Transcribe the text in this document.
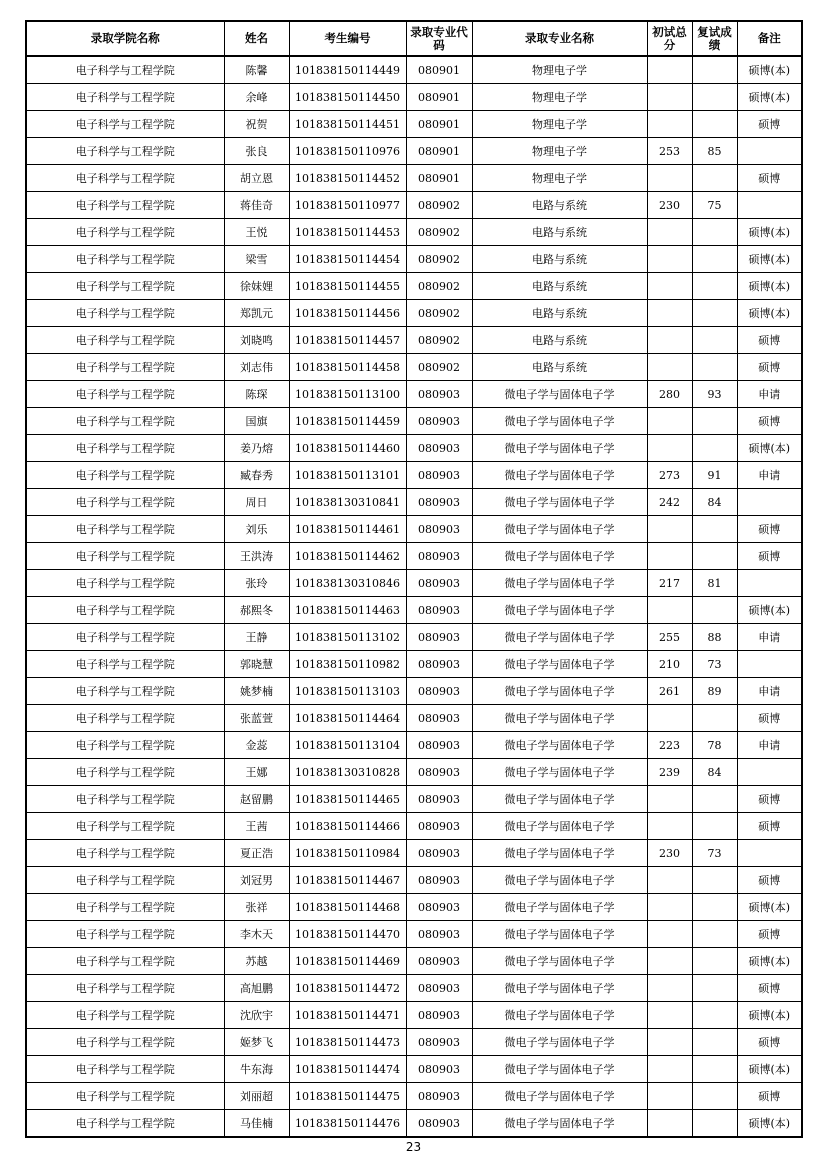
录取学院名称	姓名	考生编号	录取专业代码	录取专业名称	初试总分	复试成绩	备注
电子科学与工程学院	陈馨	101838150114449	080901	物理电子学			硕博(本)
电子科学与工程学院	余峰	101838150114450	080901	物理电子学			硕博(本)
电子科学与工程学院	祝贺	101838150114451	080901	物理电子学			硕博
电子科学与工程学院	张良	101838150110976	080901	物理电子学	253	85	
电子科学与工程学院	胡立恩	101838150114452	080901	物理电子学			硕博
电子科学与工程学院	蒋佳奇	101838150110977	080902	电路与系统	230	75	
电子科学与工程学院	王悦	101838150114453	080902	电路与系统			硕博(本)
电子科学与工程学院	梁雪	101838150114454	080902	电路与系统			硕博(本)
电子科学与工程学院	徐妹娌	101838150114455	080902	电路与系统			硕博(本)
电子科学与工程学院	郑凯元	101838150114456	080902	电路与系统			硕博(本)
电子科学与工程学院	刘晓鸣	101838150114457	080902	电路与系统			硕博
电子科学与工程学院	刘志伟	101838150114458	080902	电路与系统			硕博
电子科学与工程学院	陈琛	101838150113100	080903	微电子学与固体电子学	280	93	申请
电子科学与工程学院	国旗	101838150114459	080903	微电子学与固体电子学			硕博
电子科学与工程学院	姜乃熔	101838150114460	080903	微电子学与固体电子学			硕博(本)
电子科学与工程学院	臧春秀	101838150113101	080903	微电子学与固体电子学	273	91	申请
电子科学与工程学院	周日	101838130310841	080903	微电子学与固体电子学	242	84	
电子科学与工程学院	刘乐	101838150114461	080903	微电子学与固体电子学			硕博
电子科学与工程学院	王洪涛	101838150114462	080903	微电子学与固体电子学			硕博
电子科学与工程学院	张玲	101838130310846	080903	微电子学与固体电子学	217	81	
电子科学与工程学院	郝熙冬	101838150114463	080903	微电子学与固体电子学			硕博(本)
电子科学与工程学院	王静	101838150113102	080903	微电子学与固体电子学	255	88	申请
电子科学与工程学院	郭晓慧	101838150110982	080903	微电子学与固体电子学	210	73	
电子科学与工程学院	姚梦楠	101838150113103	080903	微电子学与固体电子学	261	89	申请
电子科学与工程学院	张蓝萱	101838150114464	080903	微电子学与固体电子学			硕博
电子科学与工程学院	金蕊	101838150113104	080903	微电子学与固体电子学	223	78	申请
电子科学与工程学院	王娜	101838130310828	080903	微电子学与固体电子学	239	84	
电子科学与工程学院	赵留鹏	101838150114465	080903	微电子学与固体电子学			硕博
电子科学与工程学院	王茜	101838150114466	080903	微电子学与固体电子学			硕博
电子科学与工程学院	夏正浩	101838150110984	080903	微电子学与固体电子学	230	73	
电子科学与工程学院	刘冠男	101838150114467	080903	微电子学与固体电子学			硕博
电子科学与工程学院	张祥	101838150114468	080903	微电子学与固体电子学			硕博(本)
电子科学与工程学院	李木天	101838150114470	080903	微电子学与固体电子学			硕博
电子科学与工程学院	苏越	101838150114469	080903	微电子学与固体电子学			硕博(本)
电子科学与工程学院	高旭鹏	101838150114472	080903	微电子学与固体电子学			硕博
电子科学与工程学院	沈欣宇	101838150114471	080903	微电子学与固体电子学			硕博(本)
电子科学与工程学院	姬梦飞	101838150114473	080903	微电子学与固体电子学			硕博
电子科学与工程学院	牛东海	101838150114474	080903	微电子学与固体电子学			硕博(本)
电子科学与工程学院	刘丽超	101838150114475	080903	微电子学与固体电子学			硕博
电子科学与工程学院	马佳楠	101838150114476	080903	微电子学与固体电子学			硕博(本)
23
